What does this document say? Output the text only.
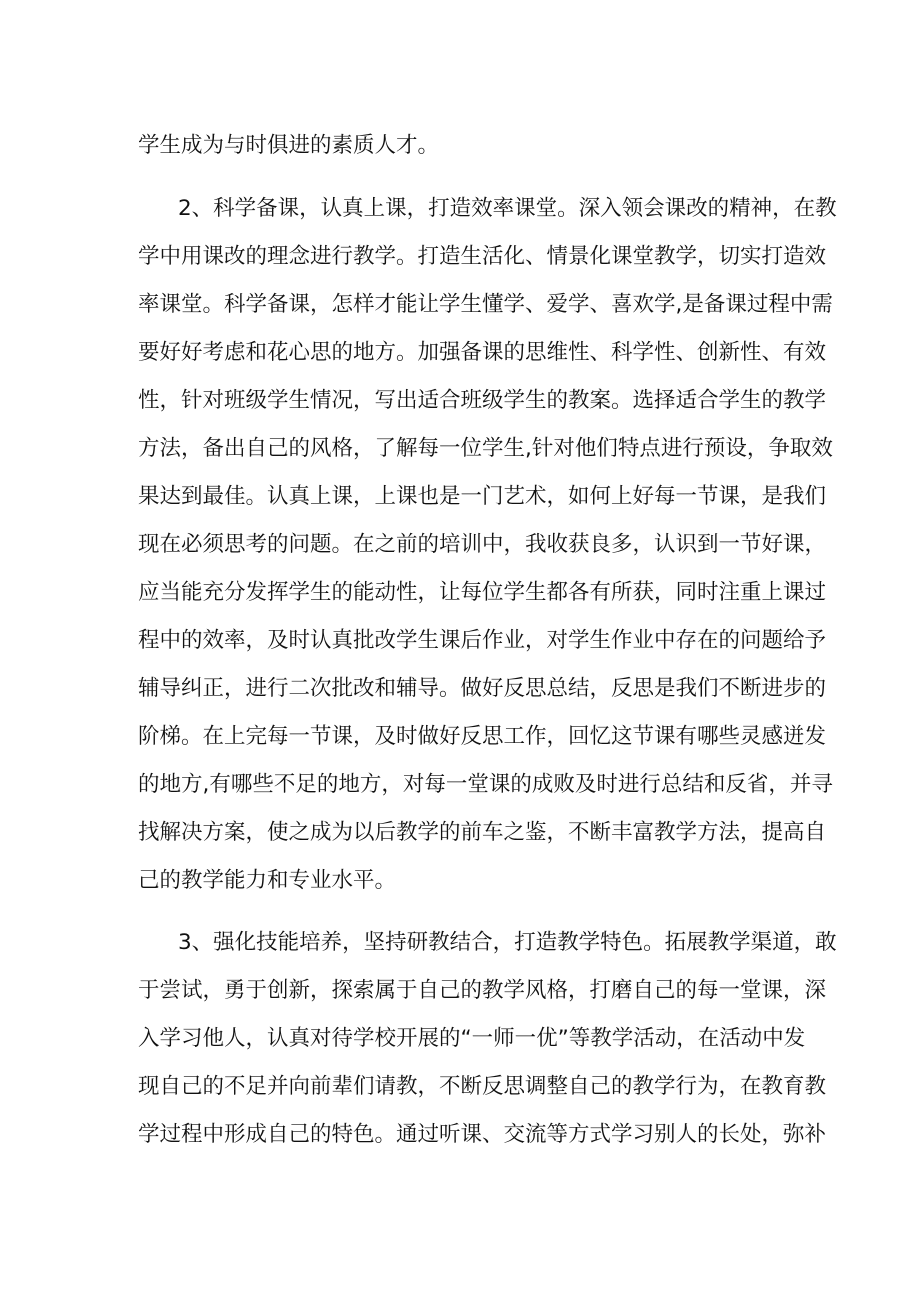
学生成为与时俱进的素质人才。
2、科学备课，认真上课，打造效率课堂。深入领会课改的精神，在教
学中用课改的理念进行教学。打造生活化、情景化课堂教学，切实打造效
率课堂。科学备课，怎样才能让学生懂学、爱学、喜欢学,是备课过程中需
要好好考虑和花心思的地方。加强备课的思维性、科学性、创新性、有效
性，针对班级学生情况，写出适合班级学生的教案。选择适合学生的教学
方法，备出自己的风格，了解每一位学生,针对他们特点进行预设，争取效
果达到最佳。认真上课，上课也是一门艺术，如何上好每一节课，是我们
现在必须思考的问题。在之前的培训中，我收获良多，认识到一节好课，
应当能充分发挥学生的能动性，让每位学生都各有所获，同时注重上课过
程中的效率，及时认真批改学生课后作业，对学生作业中存在的问题给予
辅导纠正，进行二次批改和辅导。做好反思总结，反思是我们不断进步的
阶梯。在上完每一节课，及时做好反思工作，回忆这节课有哪些灵感迸发
的地方,有哪些不足的地方，对每一堂课的成败及时进行总结和反省，并寻
找解决方案，使之成为以后教学的前车之鉴，不断丰富教学方法，提高自
己的教学能力和专业水平。
3、强化技能培养，坚持研教结合，打造教学特色。拓展教学渠道，敢
于尝试，勇于创新，探索属于自己的教学风格，打磨自己的每一堂课，深
入学习他人，认真对待学校开展的“一师一优”等教学活动，在活动中发
现自己的不足并向前辈们请教，不断反思调整自己的教学行为，在教育教
学过程中形成自己的特色。通过听课、交流等方式学习别人的长处，弥补
